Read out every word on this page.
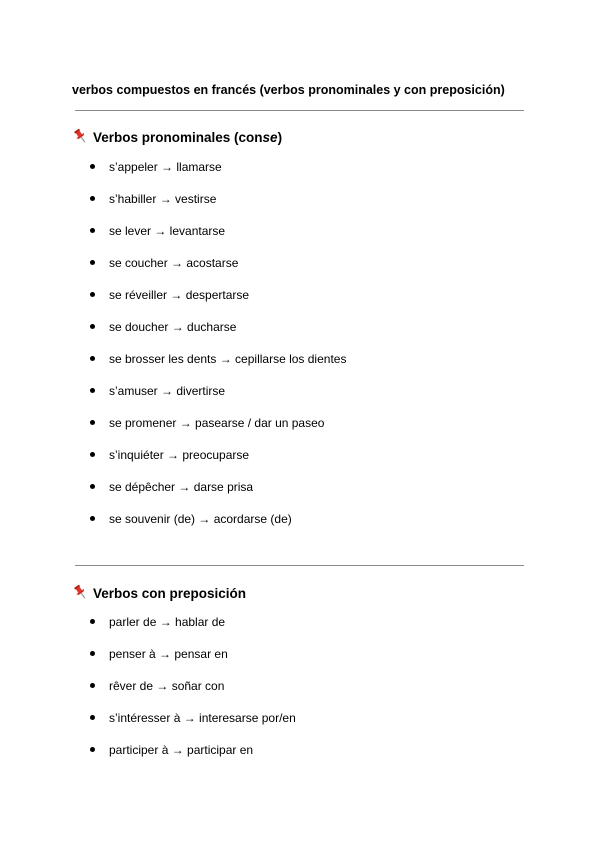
verbos compuestos en francés (verbos pronominales y con preposición)
Verbos pronominales (con se )
s’appeler → llamarse
s’habiller → vestirse
se lever → levantarse
se coucher → acostarse
se réveiller → despertarse
se doucher → ducharse
se brosser les dents → cepillarse los dientes
s’amuser → divertirse
se promener → pasearse / dar un paseo
s’inquiéter → preocuparse
se dépêcher → darse prisa
se souvenir (de) → acordarse (de)
Verbos con preposición
parler de → hablar de
penser à → pensar en
rêver de → soñar con
s’intéresser à → interesarse por/en
participer à → participar en
